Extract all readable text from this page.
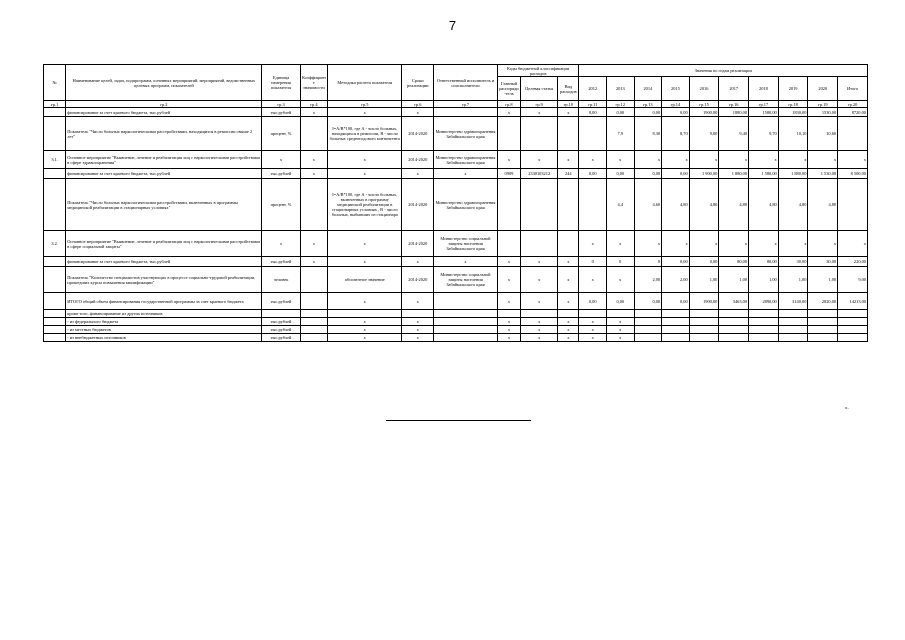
7
№	Наименование целей, задач, подпрограмм, основных мероприятий, мероприятий, ведомственных целевых программ, показателей	Единица измерения показателя	Коэффициент значимости	Методика расчета показателя	Сроки реализации	Ответственный исполнитель и соисполнители	Коды бюджетной классификации расходов			Значения по годам реализации									
							Главный распоряди-тель	Целевая статья	Вид расходов	2012	2013	2014	2015	2016	2017	2018	2019	2020	Итого
гр.1	гр.2	гр.3	гр.4	гр.5	гр.6	гр.7	гр.8	гр.9	гр.10	гр.11	гр.12	гр.13	гр.14	гр.15	гр.16	гр.17	гр.18	гр.19	гр.20
	финансирование за счет краевого бюджета, тыс.рублей	тыс.рублей	х	х	х		х	х	х	0,00	0,00	0,00	0,00	1900,00	1880,00	1580,00	1830,00	1530,00	8720,00
	Показатель "Число больных наркологическими расстройствами, находящихся в ремиссии свыше 2 лет"	процент, %		I=A/B*100, где А - число больных, находящихся в ремиссии, В - число больных среднегодового контингента	2014-2020	Министерство здравоохранения Забайкальского края					7,9	8,30	8,70	9,00	9,40	9,70	10,10	10,60	
3.1.	Основное мероприятие "Выявление, лечение и реабилитация лиц с наркологическими расстройствами в сфере здравоохранения"	х	х	х	2014-2020	Министерство здравоохранения Забайкальского края	х	х	х	х	х	х	х	х	х	х	х	х	х
	финансирование за счет краевого бюджета, тыс.рублей	тыс.рублей	х	х	х	х	0909	2330103212	244	0,00	0,00	0,00	0,00	1 900,00	1 880,00	1 580,00	1 880,00	1 530,00	8 500,00
	Показатель "Число больных наркологическими расстройствами, включенных в программы медицинской реабилитации в стационарных условиях"	процент, %		I=A/B*100, где А - число больных, включенных в программу медицинской реабилитации в стационарных условиях , В - число больных, выбывших из стационара	2014-2020	Министерство здравоохранения Забайкальского края					4,4	4,60	4,80	4,80	4,80	4,80	4,80	4,80	
3.2.	Основное мероприятие "Выявление, лечение и реабилитация лиц с наркологическими расстройствами в сфере социальной защиты"	х	х	х	2014-2020	Министерство социальной защиты населения Забайкальского края				х	х	х	х	х	х	х	х	х	х
	финансирование за счет краевого бюджета, тыс.рублей	тыс.рублей	х	х	х	х	х	х	х	0	0	0	0,00	0,00	80,00	80,00	30,00	30,00	220,00
	Показатель "Количество специалистов участвующих в процессе социально-трудовой реабилитации, прошедших курсы повышения квалификации"	человек		абсолютное значение	2014-2020	Министерство социальной защиты населения Забайкальского края	х	х	х	х	х	2,00	2,00	1,00	1,00	1,00	1,00	1,00	9,00
	ИТОГО общий объем финансирования государственной программы за счет краевого бюджета	тыс.рублей		х	х		х	х	х	0,00	0,00	0,00	0,00	1900,00	3463,00	2890,00	3140,00	2820,00	14213,00
	кроме того, финансирование из других источников																		
	- из федерального бюджета	тыс.рублей		х	х		х	х	х	х	х								
	- из местных бюджетов	тыс.рублей		х	х		х	х	х	х	х								
	- из внебюджетных источников	тыс.рублей		х	х		х	х	х	х	х								
».
